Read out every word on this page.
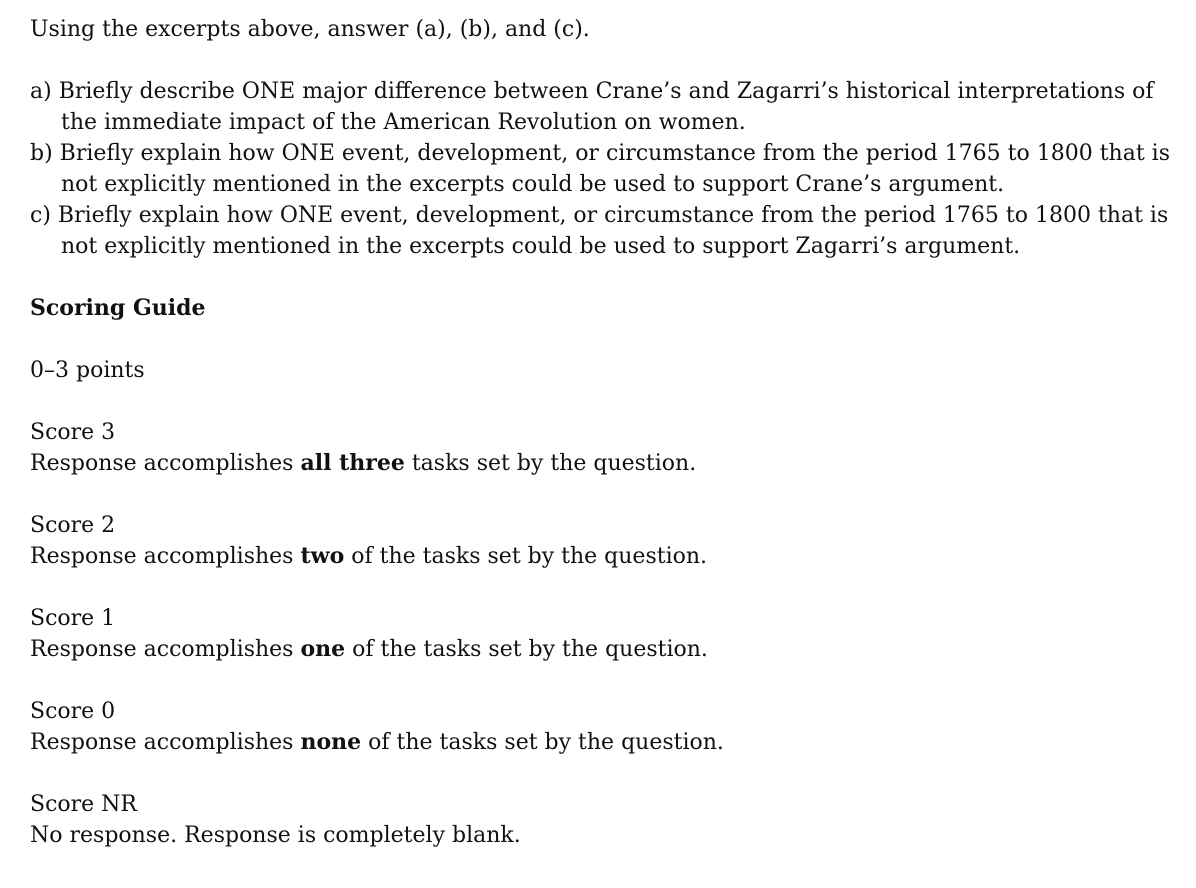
Using the excerpts above, answer (a), (b), and (c).

a) Briefly describe ONE major difference between Crane’s and Zagarri’s historical interpretations of the immediate impact of the American Revolution on women.
b) Briefly explain how ONE event, development, or circumstance from the period 1765 to 1800 that is not explicitly mentioned in the excerpts could be used to support Crane’s argument.
c) Briefly explain how ONE event, development, or circumstance from the period 1765 to 1800 that is not explicitly mentioned in the excerpts could be used to support Zagarri’s argument.

Scoring Guide

0–3 points

Score 3

Response accomplishes all three tasks set by the question.

Score 2

Response accomplishes two of the tasks set by the question.

Score 1

Response accomplishes one of the tasks set by the question.

Score 0

Response accomplishes none of the tasks set by the question.

Score NR

No response. Response is completely blank.
